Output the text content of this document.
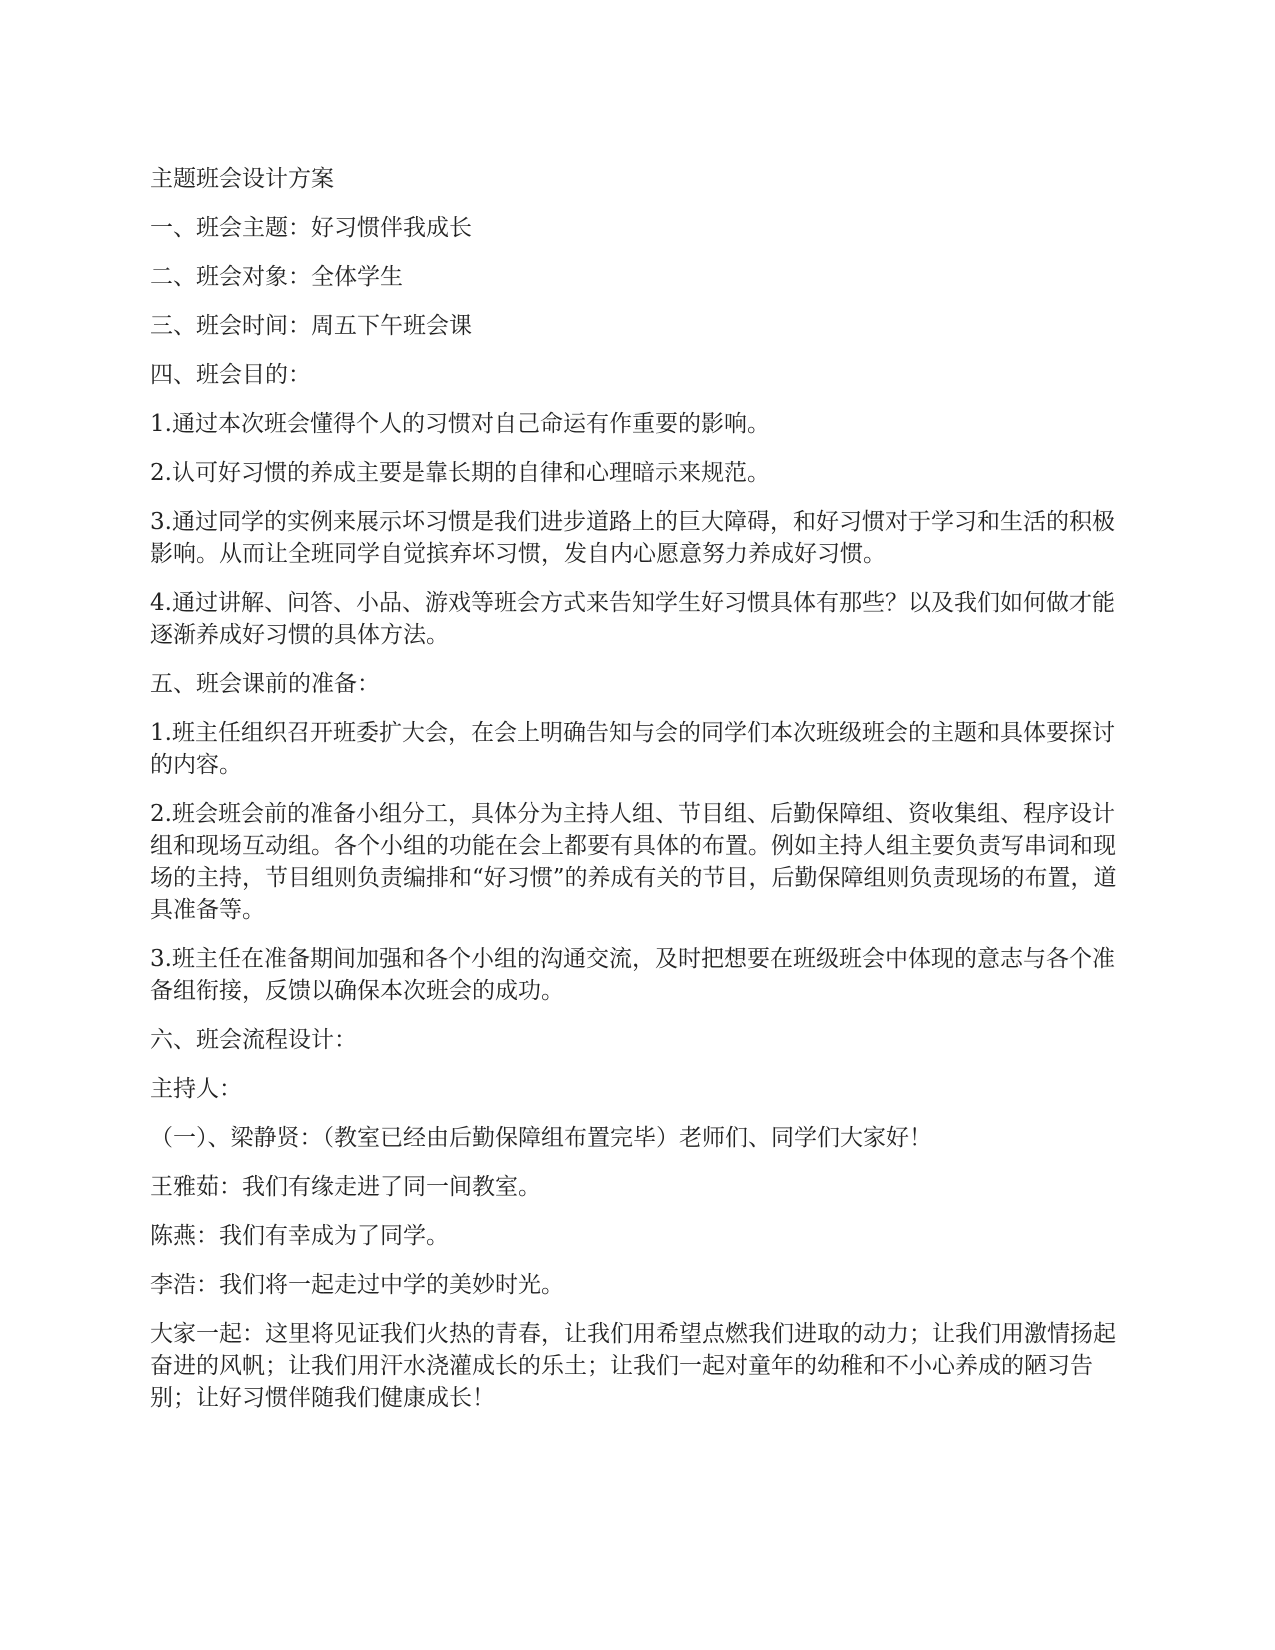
主题班会设计方案

一、班会主题：好习惯伴我成长

二、班会对象：全体学生

三、班会时间：周五下午班会课

四、班会目的：

1.通过本次班会懂得个人的习惯对自己命运有作重要的影响。

2.认可好习惯的养成主要是靠长期的自律和心理暗示来规范。

3.通过同学的实例来展示坏习惯是我们进步道路上的巨大障碍，和好习惯对于学习和生活的积极影响。从而让全班同学自觉摈弃坏习惯，发自内心愿意努力养成好习惯。

4.通过讲解、问答、小品、游戏等班会方式来告知学生好习惯具体有那些？以及我们如何做才能逐渐养成好习惯的具体方法。

五、班会课前的准备：

1.班主任组织召开班委扩大会，在会上明确告知与会的同学们本次班级班会的主题和具体要探讨的内容。

2.班会班会前的准备小组分工，具体分为主持人组、节目组、后勤保障组、资收集组、程序设计组和现场互动组。各个小组的功能在会上都要有具体的布置。例如主持人组主要负责写串词和现场的主持，节目组则负责编排和“好习惯”的养成有关的节目，后勤保障组则负责现场的布置，道具准备等。

3.班主任在准备期间加强和各个小组的沟通交流，及时把想要在班级班会中体现的意志与各个准备组衔接，反馈以确保本次班会的成功。

六、班会流程设计：

主持人：

（一）、梁静贤：（教室已经由后勤保障组布置完毕）老师们、同学们大家好！

王雅茹：我们有缘走进了同一间教室。

陈燕：我们有幸成为了同学。

李浩：我们将一起走过中学的美妙时光。

大家一起：这里将见证我们火热的青春，让我们用希望点燃我们进取的动力；让我们用激情扬起奋进的风帆；让我们用汗水浇灌成长的乐土；让我们一起对童年的幼稚和不小心养成的陋习告别；让好习惯伴随我们健康成长！
